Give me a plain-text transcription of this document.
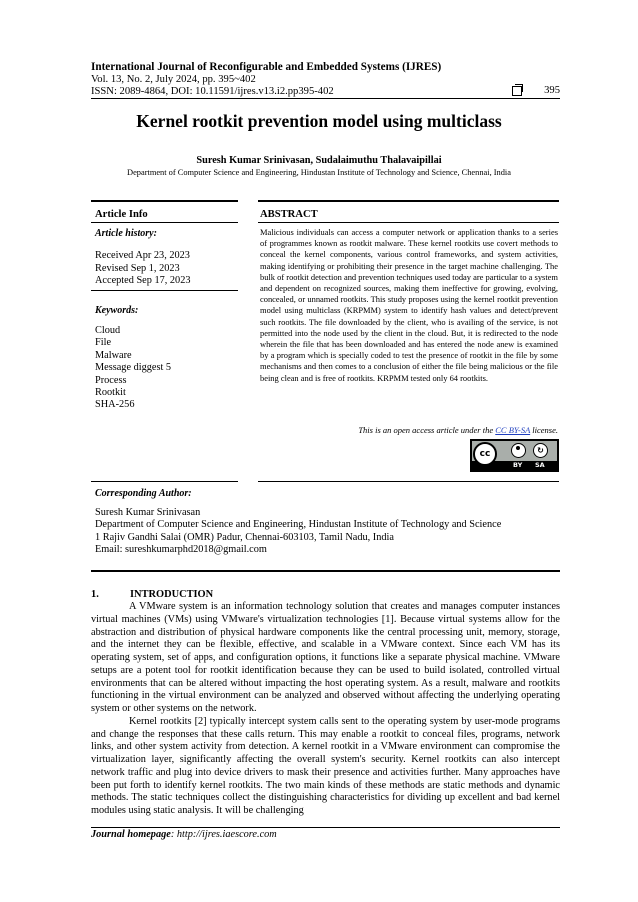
International Journal of Reconfigurable and Embedded Systems (IJRES)
Vol. 13, No. 2, July 2024, pp. 395~402
ISSN: 2089-4864, DOI: 10.11591/ijres.v13.i2.pp395-402	395
Kernel rootkit prevention model using multiclass
Suresh Kumar Srinivasan, Sudalaimuthu Thalavaipillai
Department of Computer Science and Engineering, Hindustan Institute of Technology and Science, Chennai, India
Article Info	ABSTRACT
Article history:
Received Apr 23, 2023
Revised Sep 1, 2023
Accepted Sep 17, 2023
Keywords:
Cloud
File
Malware
Message diggest 5
Process
Rootkit
SHA-256
Malicious individuals can access a computer network or application thanks to a series of programmes known as rootkit malware. These kernel rootkits use covert methods to conceal the kernel components, various control frameworks, and system activities, making identifying or prohibiting their presence in the target machine challenging. The bulk of rootkit detection and prevention techniques used today are particular to a system and dependent on recognized sources, making them ineffective for growing, evolving, concealed, or unnamed rootkits. This study proposes using the kernel rootkit prevention model using multiclass (KRPMM) system to identify hash values and detect/prevent such rootkits. The file downloaded by the client, who is availing of the service, is not permitted into the node used by the client in the cloud. But, it is redirected to the node wherein the file that has been downloaded and has entered the node anew is examined by a program which is specially coded to test the presence of rootkit in the file by some mechanisms and then comes to a conclusion of either the file being malicious or the file being clean and is free of rootkits. KRPMM tested only 64 rootkits.
This is an open access article under the CC BY-SA license.
cc	↻
BY SA
Corresponding Author:
Suresh Kumar Srinivasan
Department of Computer Science and Engineering, Hindustan Institute of Technology and Science
1 Rajiv Gandhi Salai (OMR) Padur, Chennai-603103, Tamil Nadu, India
Email: sureshkumarphd2018@gmail.com
1.	INTRODUCTION

A VMware system is an information technology solution that creates and manages computer instances virtual machines (VMs) using VMware's virtualization technologies [1]. Because virtual systems allow for the abstraction and distribution of physical hardware components like the central processing unit, memory, storage, and the internet they can be flexible, effective, and scalable in a VMware context. Since each VM has its operating system, set of apps, and configuration options, it functions like a separate physical machine. VMware setups are a potent tool for rootkit identification because they can be used to build isolated, controlled virtual environments that can be altered without impacting the host operating system. As a result, malware and rootkits functioning in the virtual environment can be analyzed and observed without affecting the underlying operating system or other systems on the network.

Kernel rootkits [2] typically intercept system calls sent to the operating system by user-mode programs and change the responses that these calls return. This may enable a rootkit to conceal files, programs, network links, and other system activity from detection. A kernel rootkit in a VMware environment can compromise the virtualization layer, significantly affecting the overall system's security. Kernel rootkits can also intercept network traffic and plug into device drivers to mask their presence and activities further. Many approaches have been put forth to identify kernel rootkits. The two main kinds of these methods are static methods and dynamic methods. The static techniques collect the distinguishing characteristics for dividing up excellent and bad kernel modules using static analysis. It will be challenging

Journal homepage: http://ijres.iaescore.com
